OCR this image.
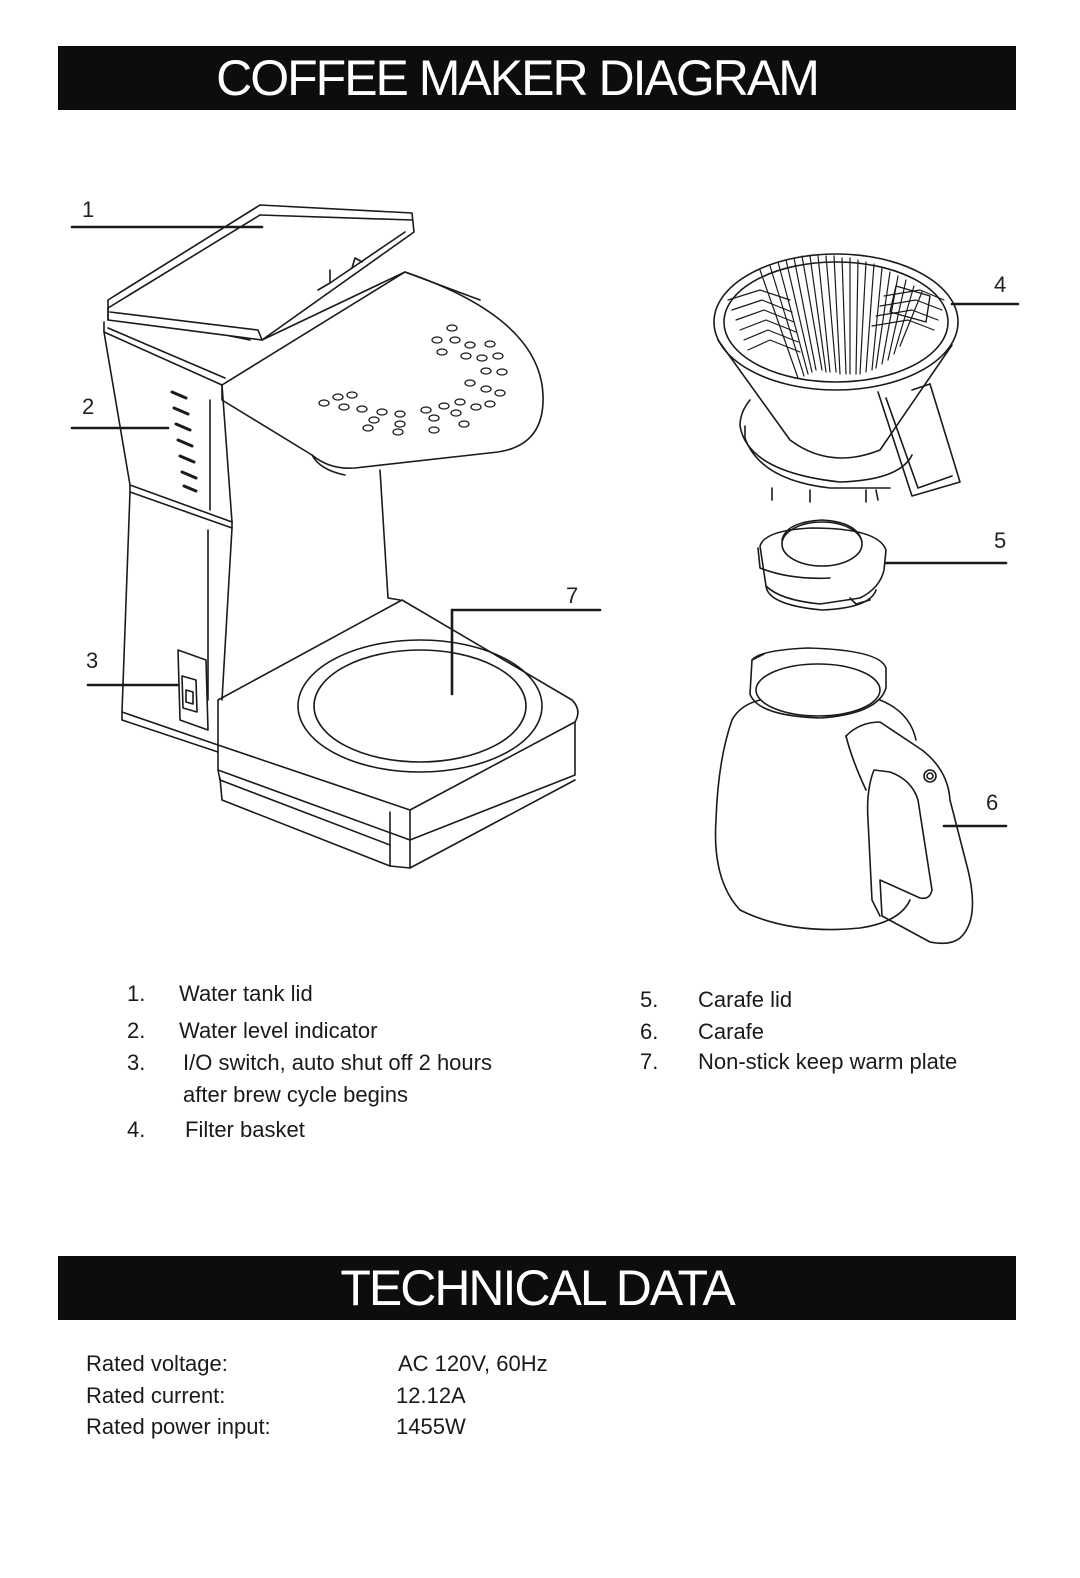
COFFEE MAKER DIAGRAM
1
2
3
4
5
6
7
1. Water tank lid
2. Water level indicator
3. I/O switch, auto shut off 2 hours
after brew cycle begins
4. Filter basket
5. Carafe lid
6. Carafe
7. Non-stick keep warm plate
TECHNICAL DATA
Rated voltage:	AC 120V, 60Hz
Rated current:	12.12A
Rated power input:	1455W
